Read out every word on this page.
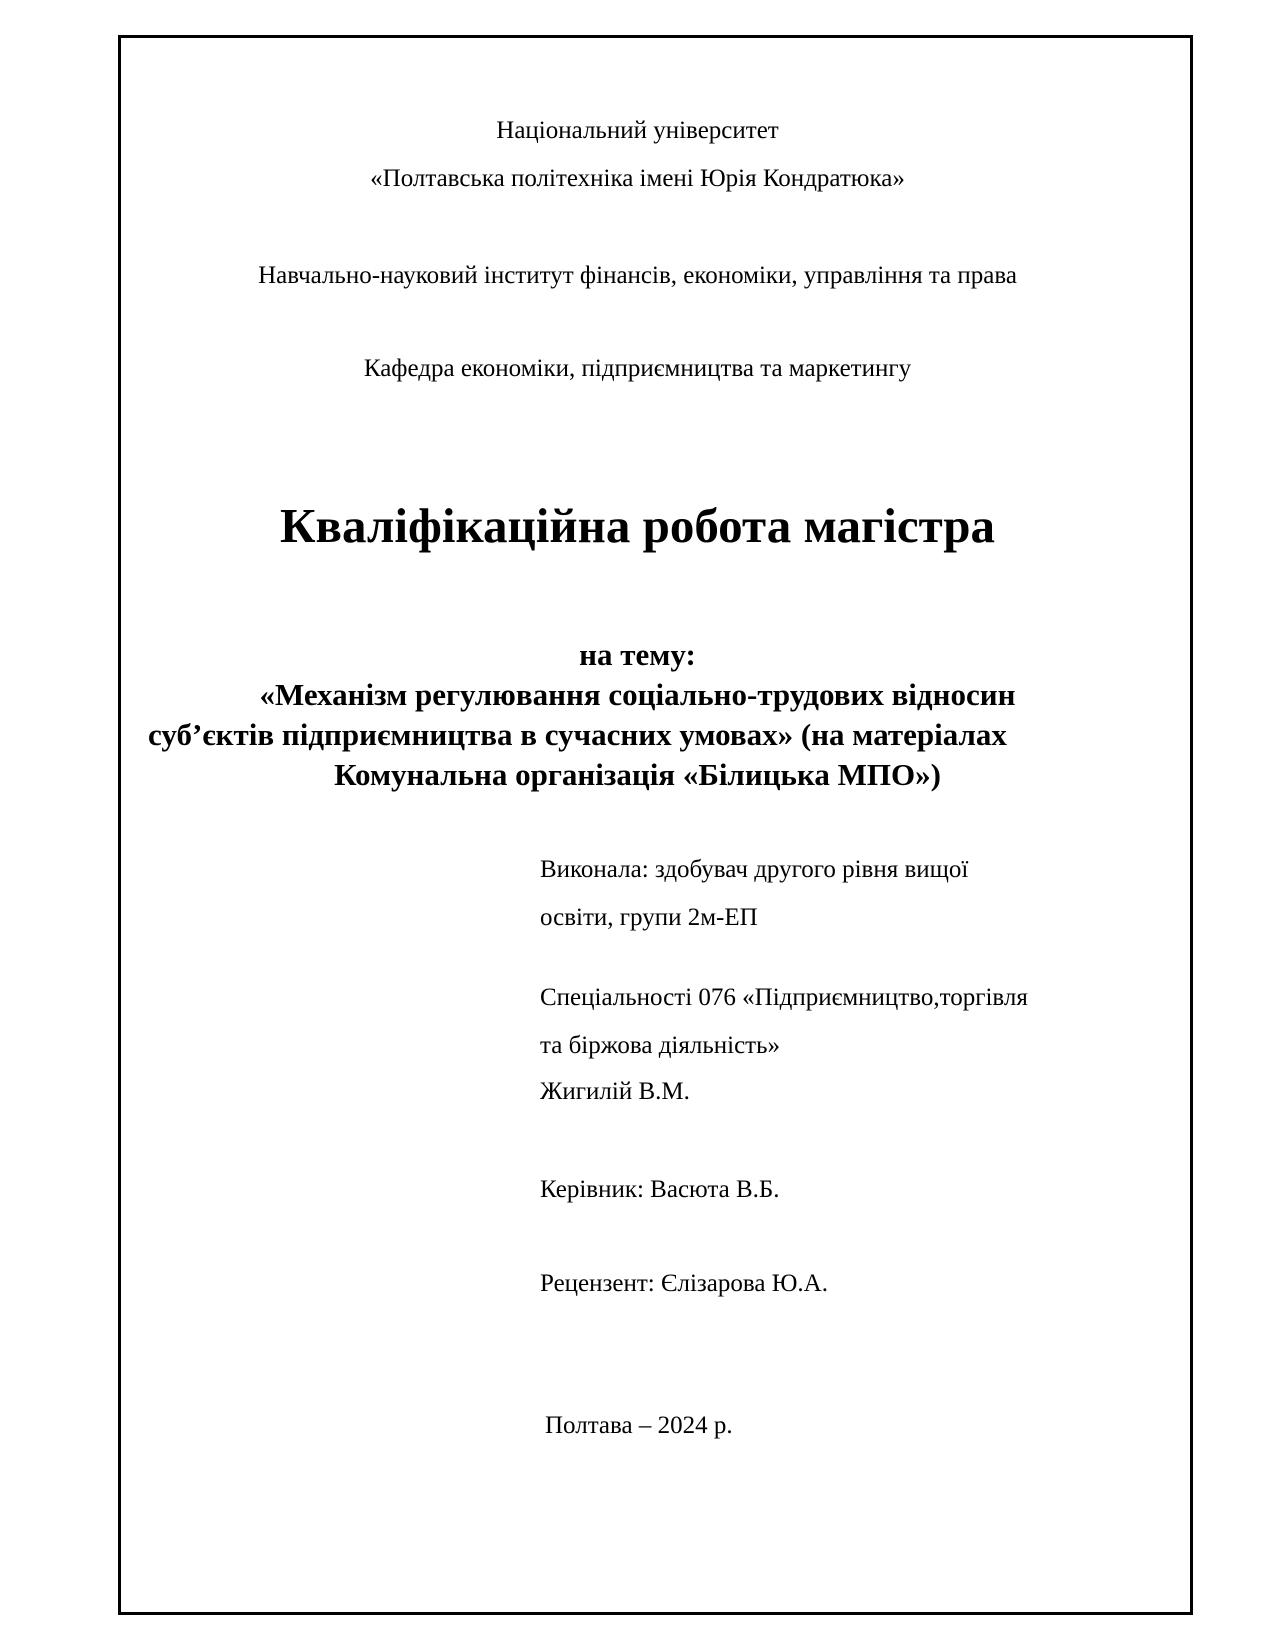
Національний університет
«Полтавська політехніка імені Юрія Кондратюка»
Навчально-науковий інститут фінансів, економіки, управління та права
Кафедра економіки, підприємництва та маркетингу
Кваліфікаційна робота магістра
на тему:
«Механізм регулювання соціально-трудових відносин
суб’єктів підприємництва в сучасних умовах» (на матеріалах
Комунальна організація «Білицька МПО»)
Виконала: здобувач другого рівня вищої
освіти, групи 2м-ЕП
Спеціальності 076 «Підприємництво,торгівля
та біржова діяльність»
Жигилій В.М.
Керівник: Васюта В.Б.
Рецензент: Єлізарова Ю.А.
Полтава – 2024 р.
